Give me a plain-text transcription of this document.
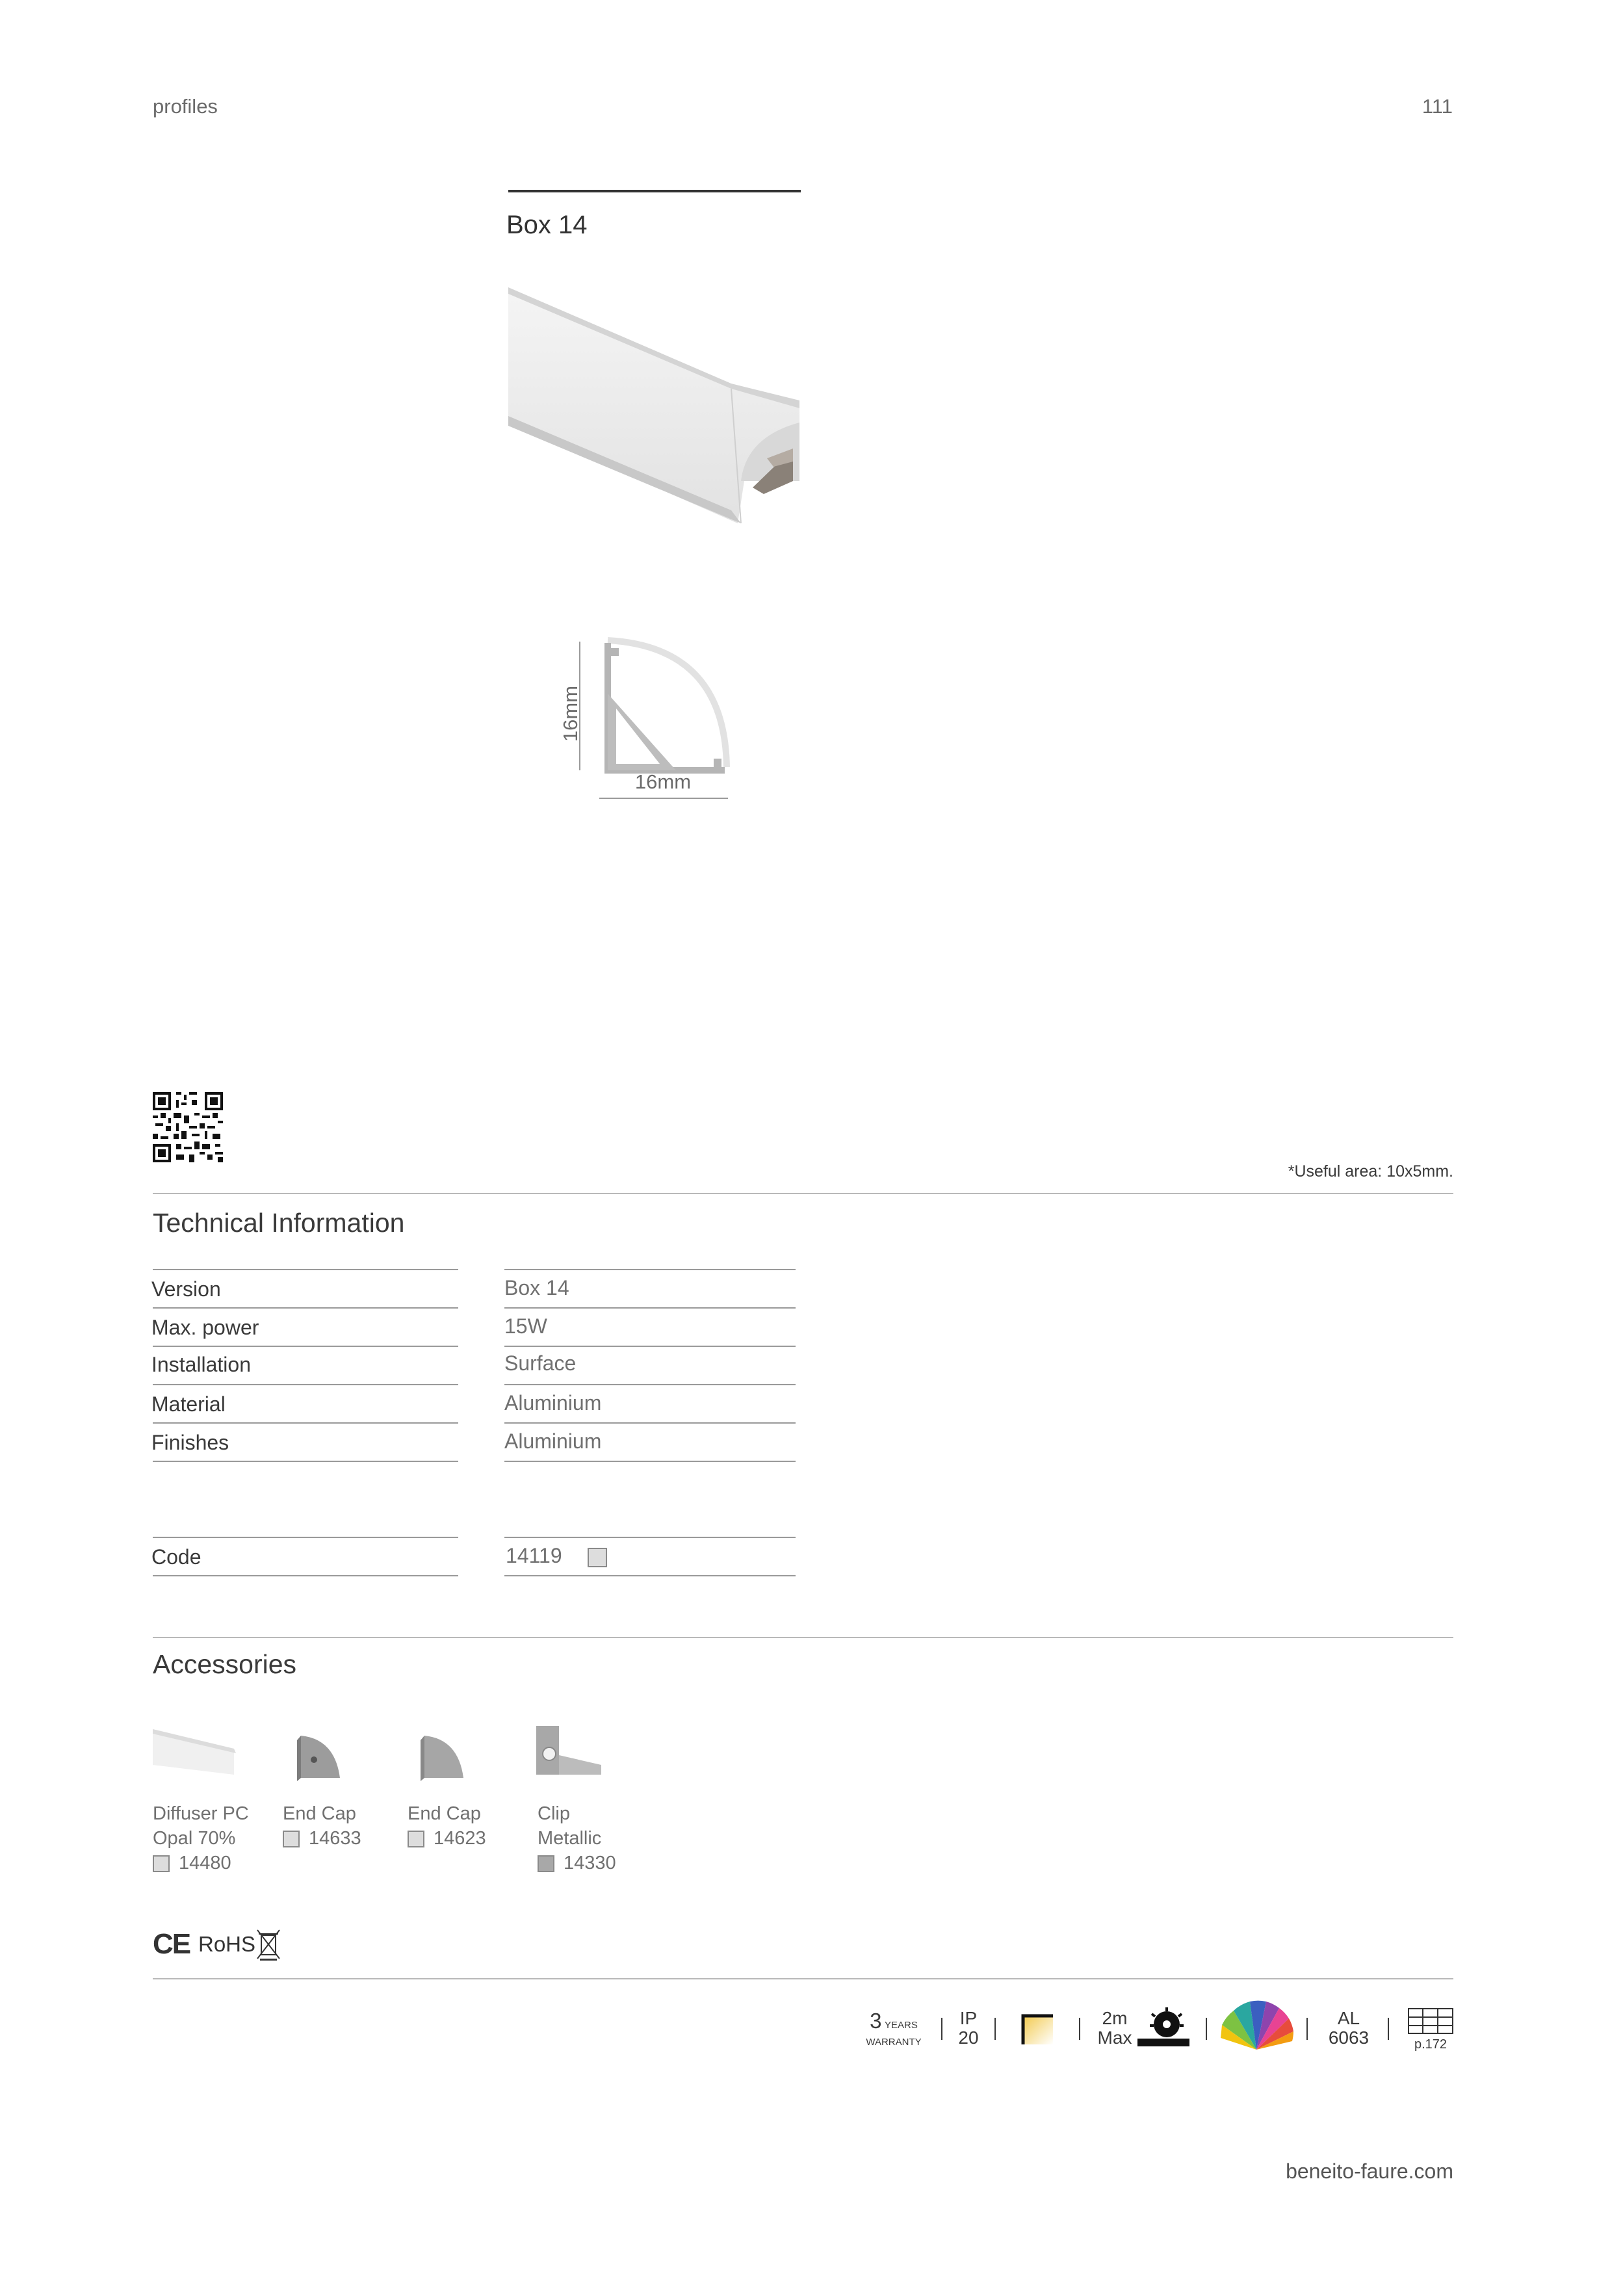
profiles	111
Box 14
16mm
16mm
*Useful area: 10x5mm.
Technical Information
Version	Box 14
Max. power	15W
Installation	Surface
Material	Aluminium
Finishes	Aluminium
Code	14119
Accessories
Diffuser PC
Opal 70%
14480
End Cap
14633
End Cap
14623
Clip
Metallic
14330
CE RoHS
3 YEARS
WARRANTY
IP
20
2m
Max
AL
6063	p.172
beneito-faure.com
